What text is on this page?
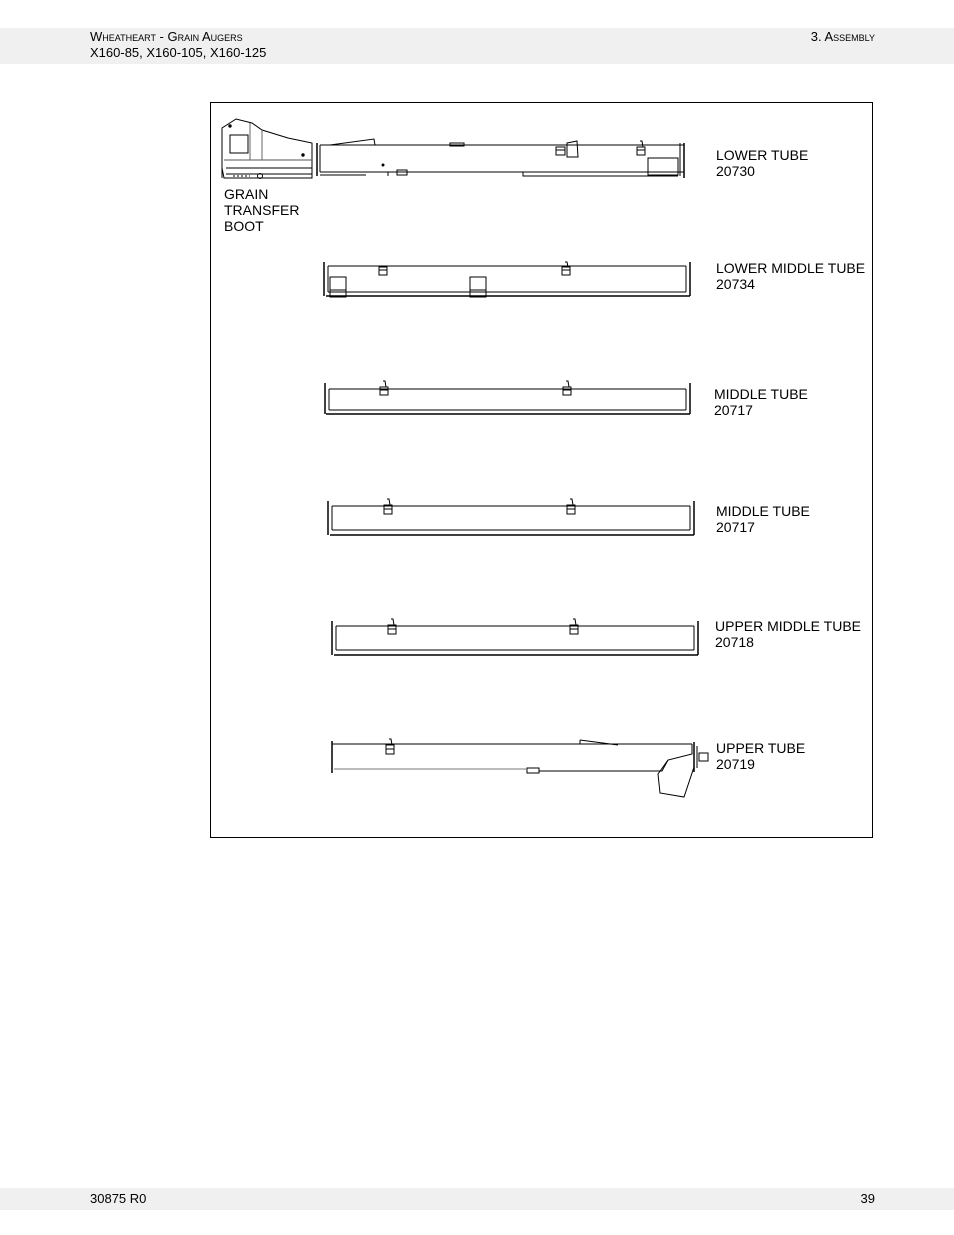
Wheatheart - Grain Augers
X160-85, X160-105, X160-125
3. Assembly
GRAIN
TRANSFER
BOOT
LOWER TUBE
20730
LOWER MIDDLE TUBE
20734
MIDDLE TUBE
20717
MIDDLE TUBE
20717
UPPER MIDDLE TUBE
20718
UPPER TUBE
20719
30875 R0	39
